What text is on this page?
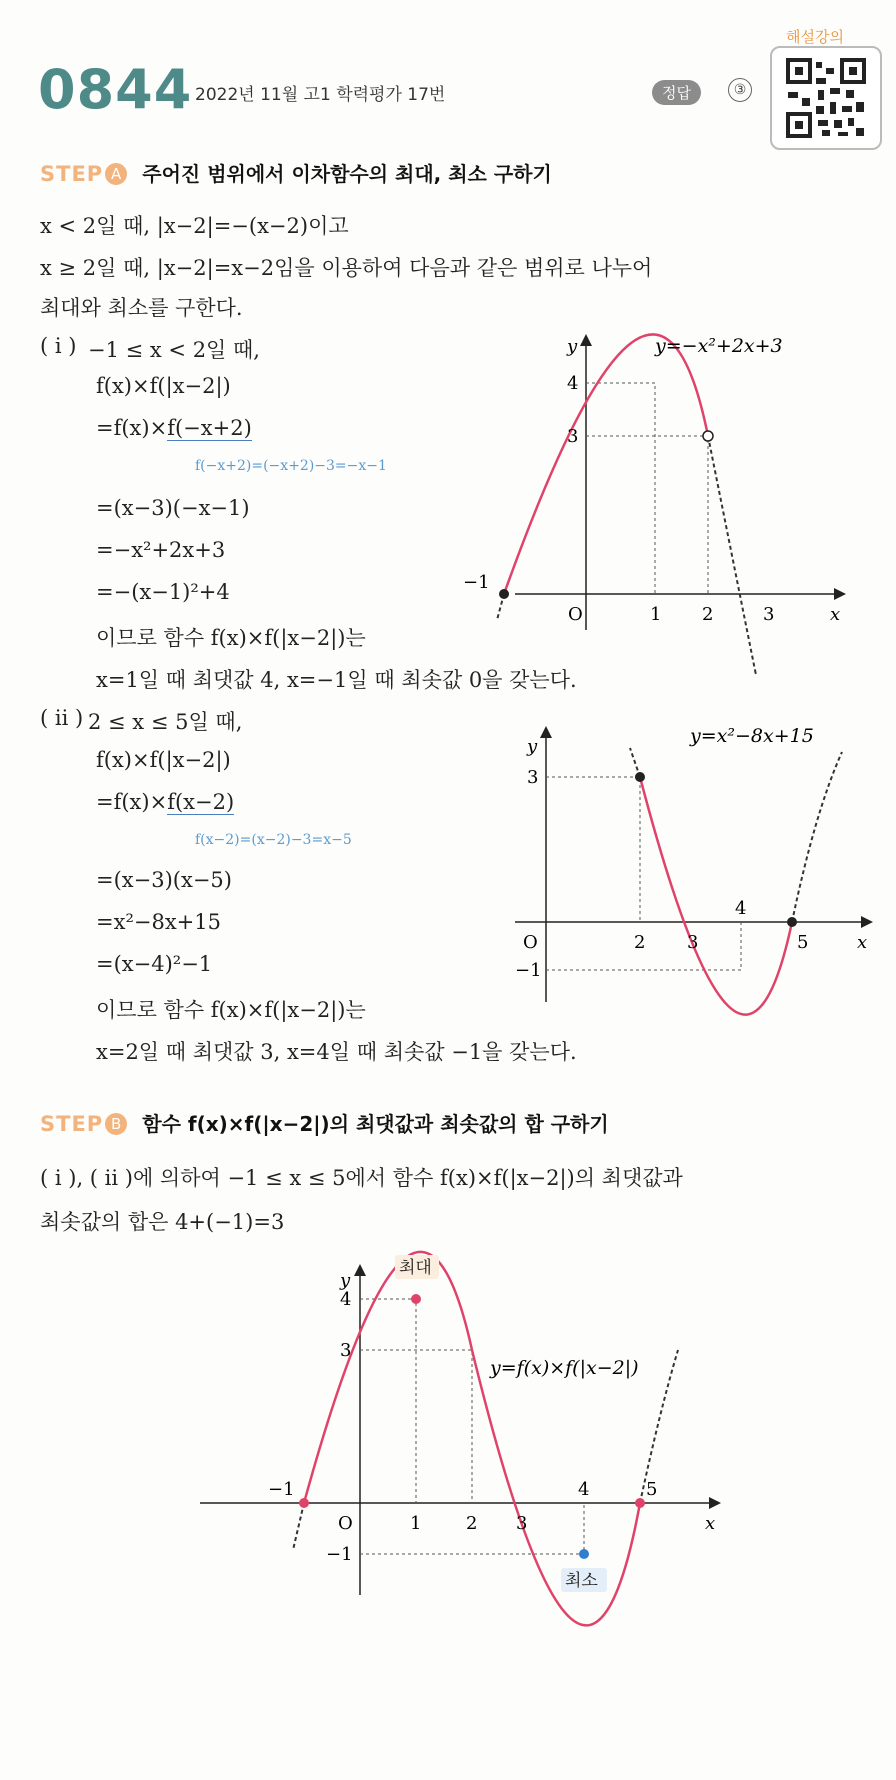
0844 2022년 11월 고1 학력평가 17번	정답	③
해설강의
STEP A 주어진 범위에서 이차함수의 최대, 최소 구하기
x < 2일 때, |x−2|=−(x−2)이고
x ≥ 2일 때, |x−2|=x−2임을 이용하여 다음과 같은 범위로 나누어
최대와 최소를 구한다.
( i ) −1 ≤ x < 2일 때,
f(x)×f(|x−2|)
=f(x)×f(−x+2)
f(−x+2)=(−x+2)−3=−x−1
=(x−3)(−x−1)
=−x²+2x+3
=−(x−1)²+4
이므로 함수 f(x)×f(|x−2|)는
x=1일 때 최댓값 4, x=−1일 때 최솟값 0을 갖는다.
y
x
O
4
3
−1
1 2	3
y=−x²+2x+3
( ii ) 2 ≤ x ≤ 5일 때,
f(x)×f(|x−2|)
=f(x)×f(x−2)
f(x−2)=(x−2)−3=x−5
=(x−3)(x−5)
=x²−8x+15
=(x−4)²−1
이므로 함수 f(x)×f(|x−2|)는
x=2일 때 최댓값 3, x=4일 때 최솟값 −1을 갖는다.
y
x
O
3
−1
2 3
4
5
y=x²−8x+15
STEP B 함수 f(x)×f(|x−2|)의 최댓값과 최솟값의 합 구하기
( i ), ( ii )에 의하여 −1 ≤ x ≤ 5에서 함수 f(x)×f(|x−2|)의 최댓값과
최솟값의 합은 4+(−1)=3
y
x
O
4
3
−1
−1
1 2 3
4	5
최대
최소
y=f(x)×f(|x−2|)
